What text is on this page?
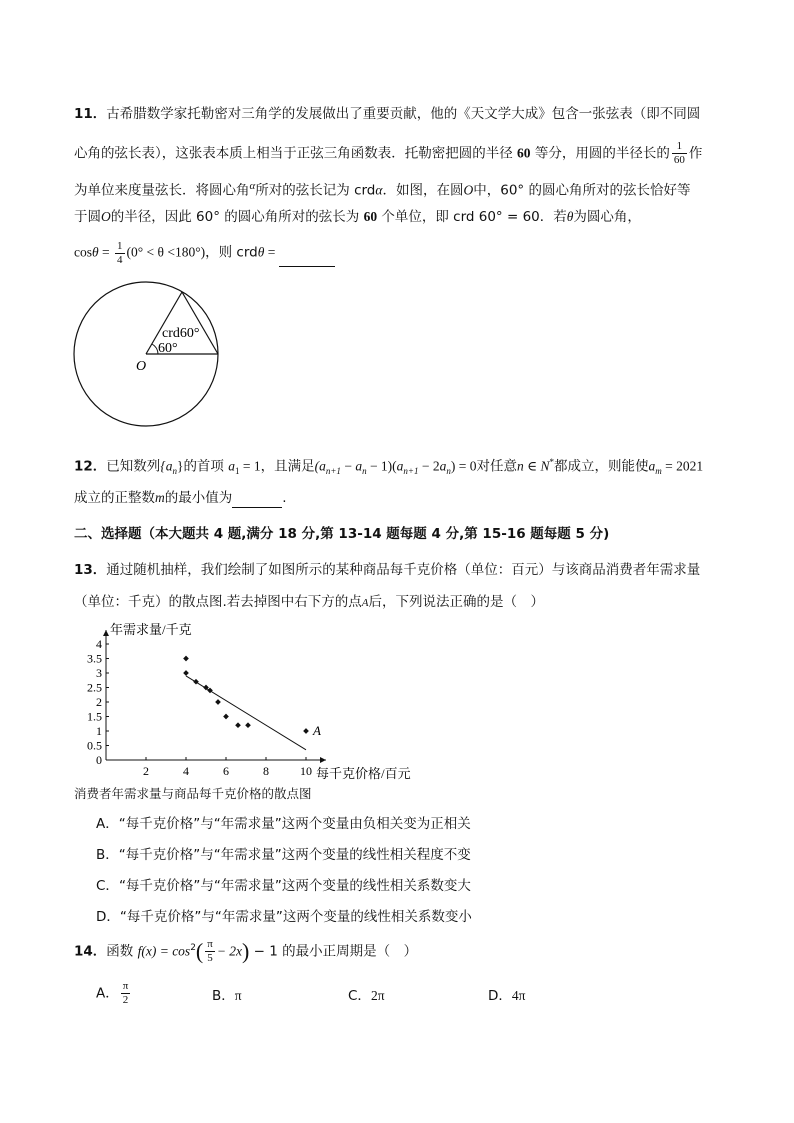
11．古希腊数学家托勒密对三角学的发展做出了重要贡献，他的《天文学大成》包含一张弦表（即不同圆
心角的弦长表），这张表本质上相当于正弦三角函数表．托勒密把圆的半径 60 等分，用圆的半径长的 $\frac{1}{60}$ 作
为单位来度量弦长．将圆心角$^\alpha$所对的弦长记为 crdα．如图，在圆O中，60° 的圆心角所对的弦长恰好等
于圆O的半径，因此 60° 的圆心角所对的弦长为 60 个单位，即 crd 60° = 60．若θ为圆心角，
$\cos\theta = \frac{1}{4} (0^\circ < \theta <180^\circ)$，则 crdθ =
crd60°
60°
O
12．已知数列$\{a_n\}$的首项 $a_1 = 1$，且满足$(a_{n+1} - a_n - 1)(a_{n+1} - 2a_n) = 0$对任意n ∈ N*都成立，则能使$a_m = 2021$
成立的正整数m的最小值为	.
二、选择题（本大题共 4 题,满分 18 分,第 13-14 题每题 4 分,第 15-16 题每题 5 分)
13．通过随机抽样，我们绘制了如图所示的某种商品每千克价格（单位：百元）与该商品消费者年需求量
（单位：千克）的散点图.若去掉图中右下方的点A后，下列说法正确的是（　）
0
0.5
1
1.5
2
2.5
3
3.5
4
2	4	6	8	10
年需求量/千克
每千克价格/百元
A
消费者年需求量与商品每千克价格的散点图
A．“每千克价格”与“年需求量”这两个变量由负相关变为正相关
B．“每千克价格”与“年需求量”这两个变量的线性相关程度不变
C．“每千克价格”与“年需求量”这两个变量的线性相关系数变大
D．“每千克价格”与“年需求量”这两个变量的线性相关系数变小
14．函数 $f(x) = \cos^2( \frac{\pi}{5} - 2x) - 1$ 的最小正周期是（　）
A． $\frac{\pi}{2}$	B．π	C．2π	D．4π
